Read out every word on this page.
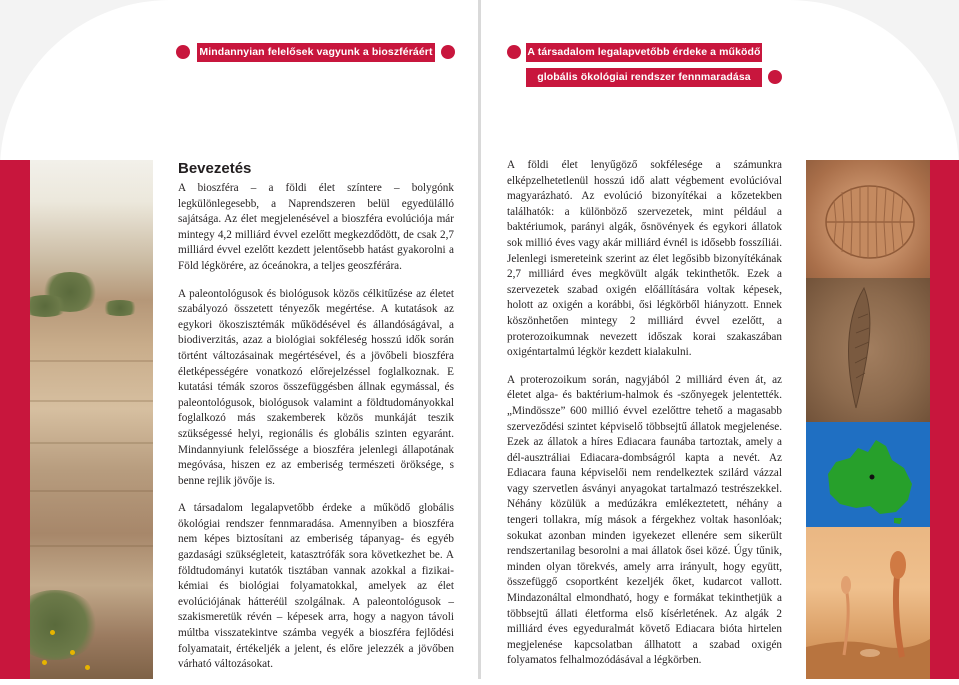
Mindannyian felelősek vagyunk a bioszféráért	A társadalom legalapvetőbb érdeke a működő
globális ökológiai rendszer fennmaradása
Bevezetés

A bioszféra – a földi élet színtere – bolygónk legkülönlegesebb, a Naprendszeren belül egyedülálló sajátsága. Az élet megjelenésével a bioszféra evolúciója már mintegy 4,2 milliárd évvel ezelőtt megkezdődött, de csak 2,7 milliárd évvel ezelőtt kezdett jelentősebb hatást gyakorolni a Föld légkörére, az óceánokra, a teljes geoszférára.

A paleontológusok és biológusok közös célkitűzése az életet szabályozó összetett tényezők megértése. A kutatások az egykori ökoszisztémák működésével és állandóságával, a biodiverzitás, azaz a biológiai sokféleség hosszú idők során történt változásainak megértésével, és a jövőbeli bioszféra életképességére vonatkozó előrejelzéssel foglalkoznak. E kutatási témák szoros összefüggésben állnak egymással, és paleontológusok, biológusok valamint a földtudományokkal foglalkozó más szakemberek közös munkáját teszik szükségessé helyi, regionális és globális szinten egyaránt. Mindannyiunk felelőssége a bioszféra jelenlegi állapotának megóvása, hiszen ez az emberiség természeti öröksége, s benne rejlik jövője is.

A társadalom legalapvetőbb érdeke a működő globális ökológiai rendszer fennmaradása. Amennyiben a bioszféra nem képes biztosítani az emberiség tápanyag- és egyéb gazdasági szükségleteit, katasztrófák sora következhet be. A földtudományi kutatók tisztában vannak azokkal a fizikai-kémiai és biológiai folyamatokkal, amelyek az élet evolúciójának hátteréül szolgálnak. A paleontológusok – szakismeretük révén – képesek arra, hogy a nagyon távoli múltba visszatekintve számba vegyék a bioszféra fejlődési folyamatait, értékeljék a jelent, és előre jelezzék a jövőben várható változásokat.

A földi élet lenyűgöző sokfélesége a számunkra elképzelhetetlenül hosszú idő alatt végbement evolúcióval magyarázható. Az evolúció bizonyítékai a kőzetekben találhatók: a különböző szervezetek, mint például a baktériumok, parányi algák, ősnövények és egykori állatok sok millió éves vagy akár milliárd évnél is idősebb fosszíliái. Jelenlegi ismereteink szerint az élet legősibb bizonyítékának 2,7 milliárd éves megkövült algák tekinthetők. Ezek a szervezetek szabad oxigén előállítására voltak képesek, holott az oxigén a korábbi, ősi légkörből hiányzott. Ennek köszönhetően mintegy 2 milliárd évvel ezelőtt, a proterozoikumnak nevezett időszak korai szakaszában oxigéntartalmú légkör kezdett kialakulni.

A proterozoikum során, nagyjából 2 milliárd éven át, az életet alga- és baktérium-halmok és -szőnyegek jelentették. „Mindössze” 600 millió évvel ezelőttre tehető a magasabb szerveződési szintet képviselő többsejtű állatok megjelenése. Ezek az állatok a híres Ediacara faunába tartoztak, amely a dél-ausztráliai Ediacara-dombságról kapta a nevét. Az Ediacara fauna képviselői nem rendelkeztek szilárd vázzal vagy szervetlen ásványi anyagokat tartalmazó testrészekkel. Néhány közülük a medúzákra emlékeztetett, néhány a tengeri tollakra, míg mások a férgekhez voltak hasonlóak; sokukat azonban minden igyekezet ellenére sem sikerült rendszertanilag besorolni a mai állatok ősei közé. Úgy tűnik, minden olyan törekvés, amely arra irányult, hogy együtt, összefüggő csoportként kezeljék őket, kudarcot vallott. Mindazonáltal elmondható, hogy e formákat tekinthetjük a többsejtű állati életforma első kísérletének. Az algák 2 milliárd éves egyeduralmát követő Ediacara bióta hirtelen megjelenése kapcsolatban állhatott a szabad oxigén folyamatos felhalmozódásával a légkörben.
